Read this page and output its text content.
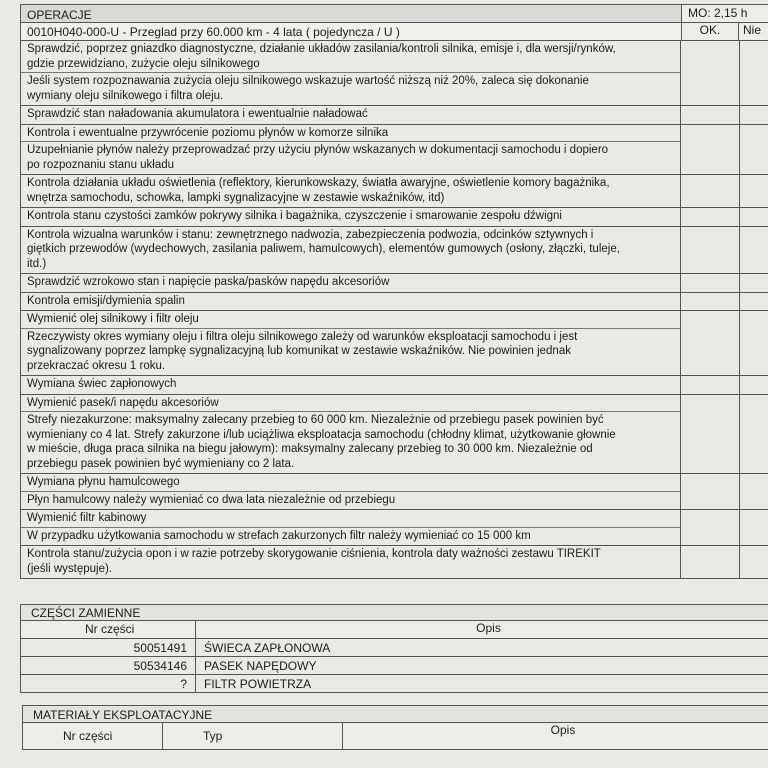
OPERACJE	MO: 2,15 h
0010H040-000-U - Przeglad przy 60.000 km - 4 lata ( pojedyncza / U )	OK.	Nie
Sprawdzić, poprzez gniazdko diagnostyczne, działanie układów zasilania/kontroli silnika, emisje i, dla wersji/rynków,
gdzie przewidziano, zużycie oleju silnikowego
Jeśli system rozpoznawania zużycia oleju silnikowego wskazuje wartość niższą niż 20%, zaleca się dokonanie
wymiany oleju silnikowego i filtra oleju.
Sprawdzić stan naładowania akumulatora i ewentualnie naładować
Kontrola i ewentualne przywrócenie poziomu płynów w komorze silnika
Uzupełnianie płynów należy przeprowadzać przy użyciu płynów wskazanych w dokumentacji samochodu i dopiero
po rozpoznaniu stanu układu
Kontrola działania układu oświetlenia (reflektory, kierunkowskazy, światła awaryjne, oświetlenie komory bagażnika,
wnętrza samochodu, schowka, lampki sygnalizacyjne w zestawie wskaźników, itd)
Kontrola stanu czystości zamków pokrywy silnika i bagażnika, czyszczenie i smarowanie zespołu dźwigni
Kontrola wizualna warunków i stanu: zewnętrznego nadwozia, zabezpieczenia podwozia, odcinków sztywnych i
giętkich przewodów (wydechowych, zasilania paliwem, hamulcowych), elementów gumowych (osłony, złączki, tuleje,
itd.)
Sprawdzić wzrokowo stan i napięcie paska/pasków napędu akcesoriów
Kontrola emisji/dymienia spalin
Wymienić olej silnikowy i filtr oleju
Rzeczywisty okres wymiany oleju i filtra oleju silnikowego zależy od warunków eksploatacji samochodu i jest
sygnalizowany poprzez lampkę sygnalizacyjną lub komunikat w zestawie wskaźników. Nie powinien jednak
przekraczać okresu 1 roku.
Wymiana świec zapłonowych
Wymienić pasek/i napędu akcesoriów
Strefy niezakurzone: maksymalny zalecany przebieg to 60 000 km. Niezależnie od przebiegu pasek powinien być
wymieniany co 4 lat. Strefy zakurzone i/lub uciążliwa eksploatacja samochodu (chłodny klimat, użytkowanie głownie
w mieście, długa praca silnika na biegu jałowym): maksymalny zalecany przebieg to 30 000 km. Niezależnie od
przebiegu pasek powinien być wymieniany co 2 lata.
Wymiana płynu hamulcowego
Płyn hamulcowy należy wymieniać co dwa lata niezależnie od przebiegu
Wymienić filtr kabinowy
W przypadku użytkowania samochodu w strefach zakurzonych filtr należy wymieniać co 15 000 km
Kontrola stanu/zużycia opon i w razie potrzeby skorygowanie ciśnienia, kontrola daty ważności zestawu TIREKIT
(jeśli występuje).
CZĘŚCI ZAMIENNE
Nr części	Opis
50051491	ŚWIECA ZAPŁONOWA
50534146	PASEK NAPĘDOWY
?	FILTR POWIETRZA
MATERIAŁY EKSPLOATACYJNE
Nr części	Typ	Opis
